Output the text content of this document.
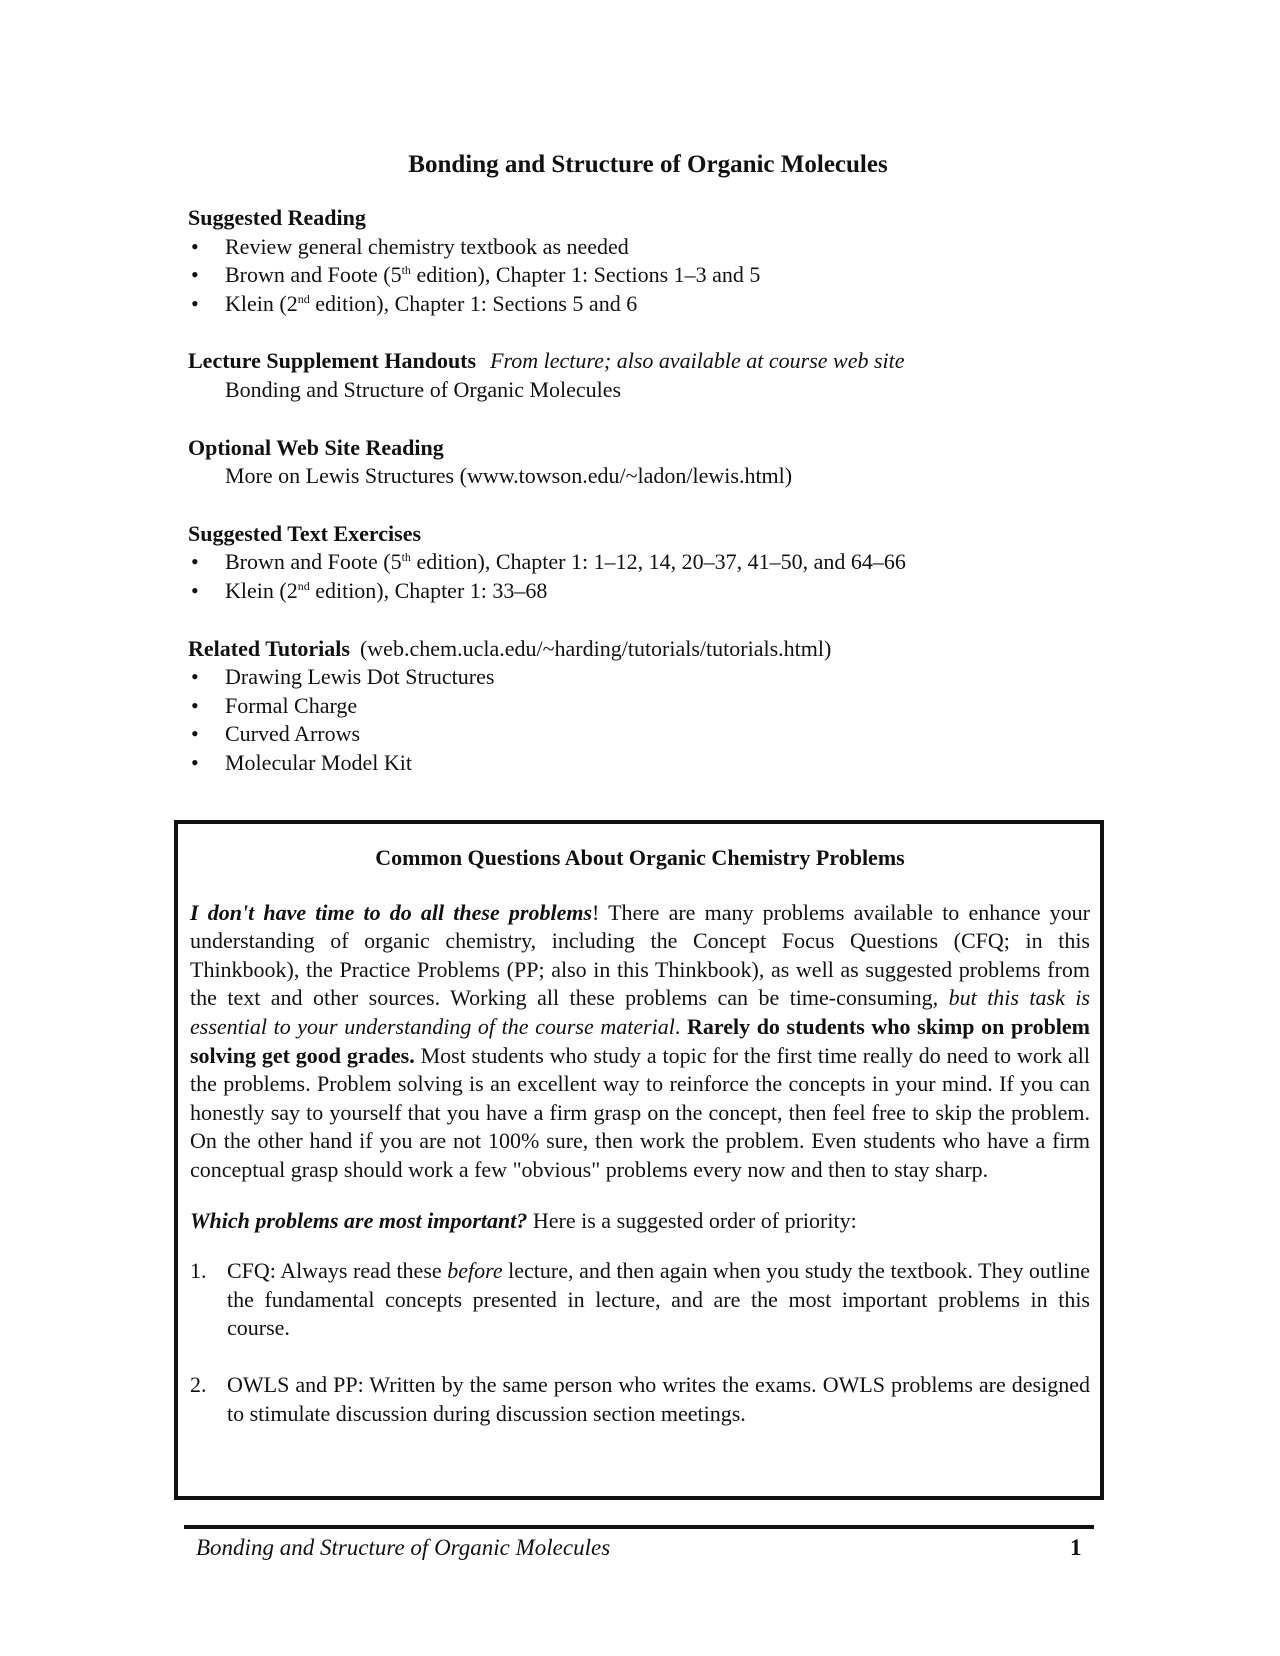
Bonding and Structure of Organic Molecules
Suggested Reading
• Review general chemistry textbook as needed
• Brown and Foote (5th edition), Chapter 1: Sections 1–3 and 5
• Klein (2nd edition), Chapter 1: Sections 5 and 6
Lecture Supplement Handouts From lecture; also available at course web site
Bonding and Structure of Organic Molecules
Optional Web Site Reading
More on Lewis Structures (www.towson.edu/~ladon/lewis.html)
Suggested Text Exercises
• Brown and Foote (5th edition), Chapter 1: 1–12, 14, 20–37, 41–50, and 64–66
• Klein (2nd edition), Chapter 1: 33–68
Related Tutorials (web.chem.ucla.edu/~harding/tutorials/tutorials.html)
• Drawing Lewis Dot Structures
• Formal Charge
• Curved Arrows
• Molecular Model Kit
Common Questions About Organic Chemistry Problems
I don't have time to do all these problems! There are many problems available to enhance your understanding of organic chemistry, including the Concept Focus Questions (CFQ; in this Thinkbook), the Practice Problems (PP; also in this Thinkbook), as well as suggested problems from the text and other sources. Working all these problems can be time-consuming, but this task is essential to your understanding of the course material. Rarely do students who skimp on problem solving get good grades. Most students who study a topic for the first time really do need to work all the problems. Problem solving is an excellent way to reinforce the concepts in your mind. If you can honestly say to yourself that you have a firm grasp on the concept, then feel free to skip the problem. On the other hand if you are not 100% sure, then work the problem. Even students who have a firm conceptual grasp should work a few "obvious" problems every now and then to stay sharp.
Which problems are most important? Here is a suggested order of priority:
1. CFQ: Always read these before lecture, and then again when you study the textbook. They outline the fundamental concepts presented in lecture, and are the most important problems in this course.
2. OWLS and PP: Written by the same person who writes the exams. OWLS problems are designed to stimulate discussion during discussion section meetings.
Bonding and Structure of Organic Molecules	1
